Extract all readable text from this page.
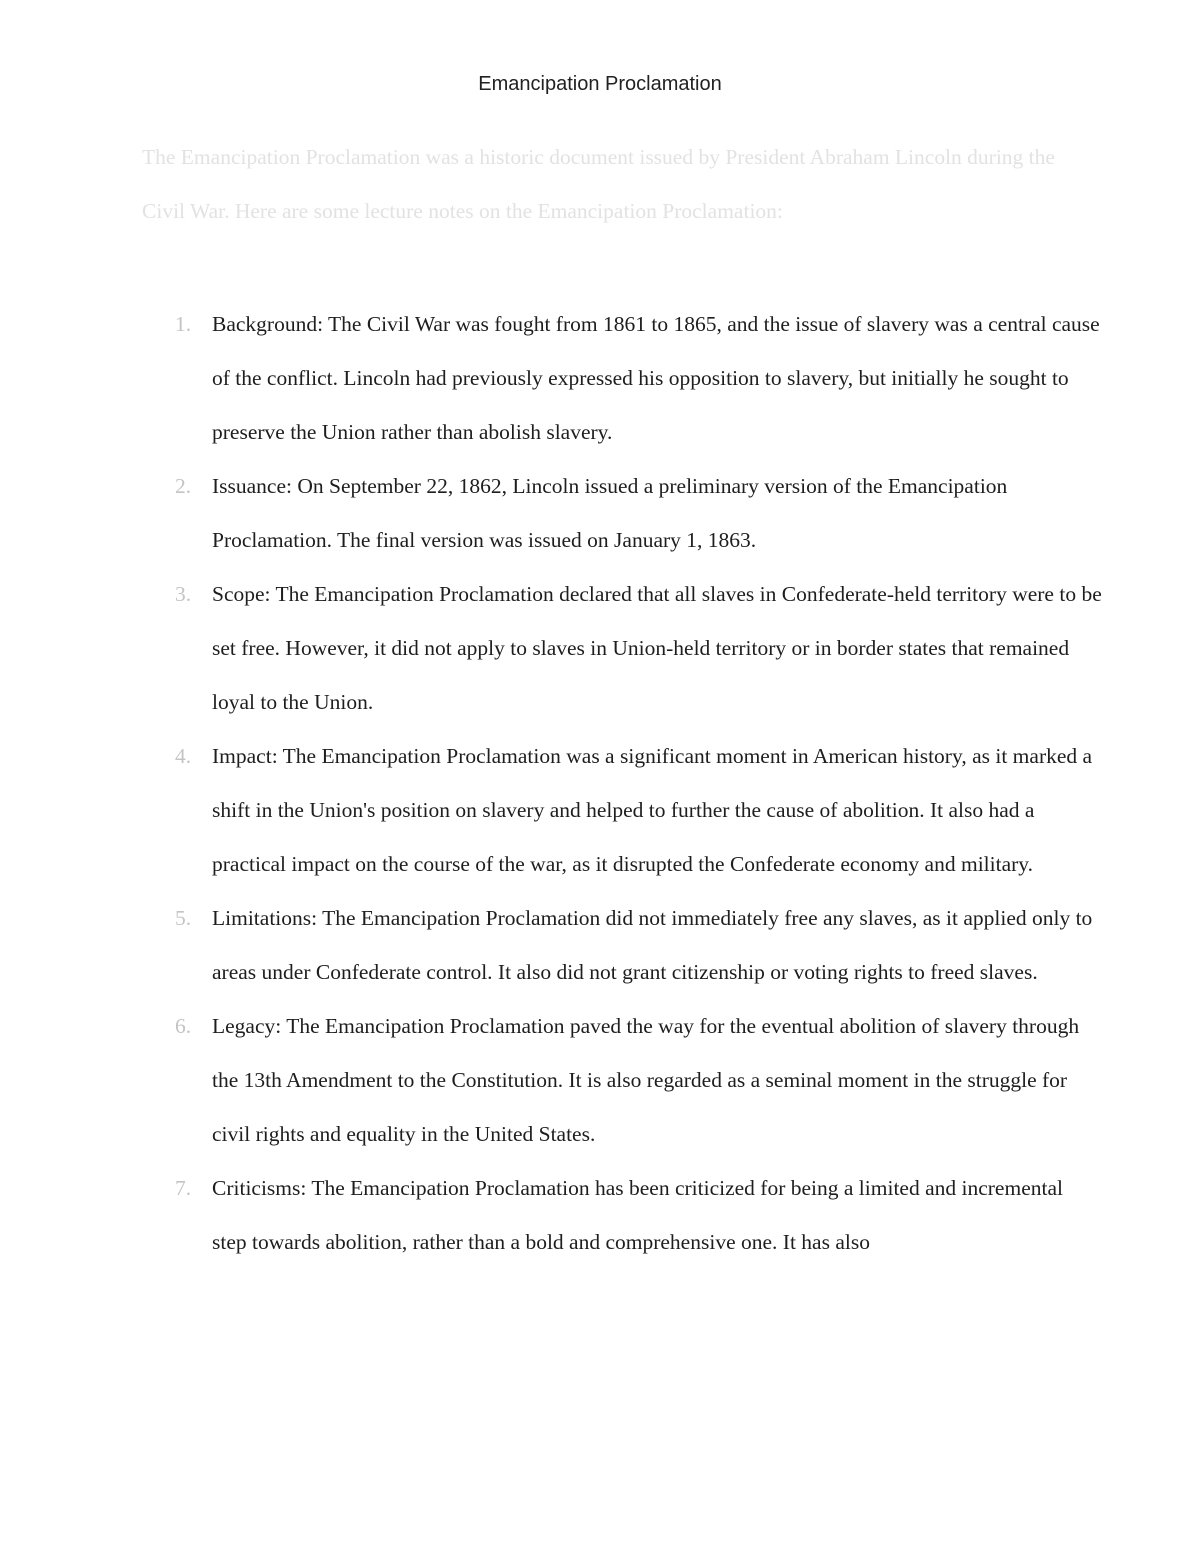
Emancipation Proclamation
The Emancipation Proclamation was a historic document issued by President Abraham Lincoln during the Civil War. Here are some lecture notes on the Emancipation Proclamation:
1. Background: The Civil War was fought from 1861 to 1865, and the issue of slavery was a central cause of the conflict. Lincoln had previously expressed his opposition to slavery, but initially he sought to preserve the Union rather than abolish slavery.
2. Issuance: On September 22, 1862, Lincoln issued a preliminary version of the Emancipation Proclamation. The final version was issued on January 1, 1863.
3. Scope: The Emancipation Proclamation declared that all slaves in Confederate-held territory were to be set free. However, it did not apply to slaves in Union-held territory or in border states that remained loyal to the Union.
4. Impact: The Emancipation Proclamation was a significant moment in American history, as it marked a shift in the Union's position on slavery and helped to further the cause of abolition. It also had a practical impact on the course of the war, as it disrupted the Confederate economy and military.
5. Limitations: The Emancipation Proclamation did not immediately free any slaves, as it applied only to areas under Confederate control. It also did not grant citizenship or voting rights to freed slaves.
6. Legacy: The Emancipation Proclamation paved the way for the eventual abolition of slavery through the 13th Amendment to the Constitution. It is also regarded as a seminal moment in the struggle for civil rights and equality in the United States.
7. Criticisms: The Emancipation Proclamation has been criticized for being a limited and incremental step towards abolition, rather than a bold and comprehensive one. It has also
